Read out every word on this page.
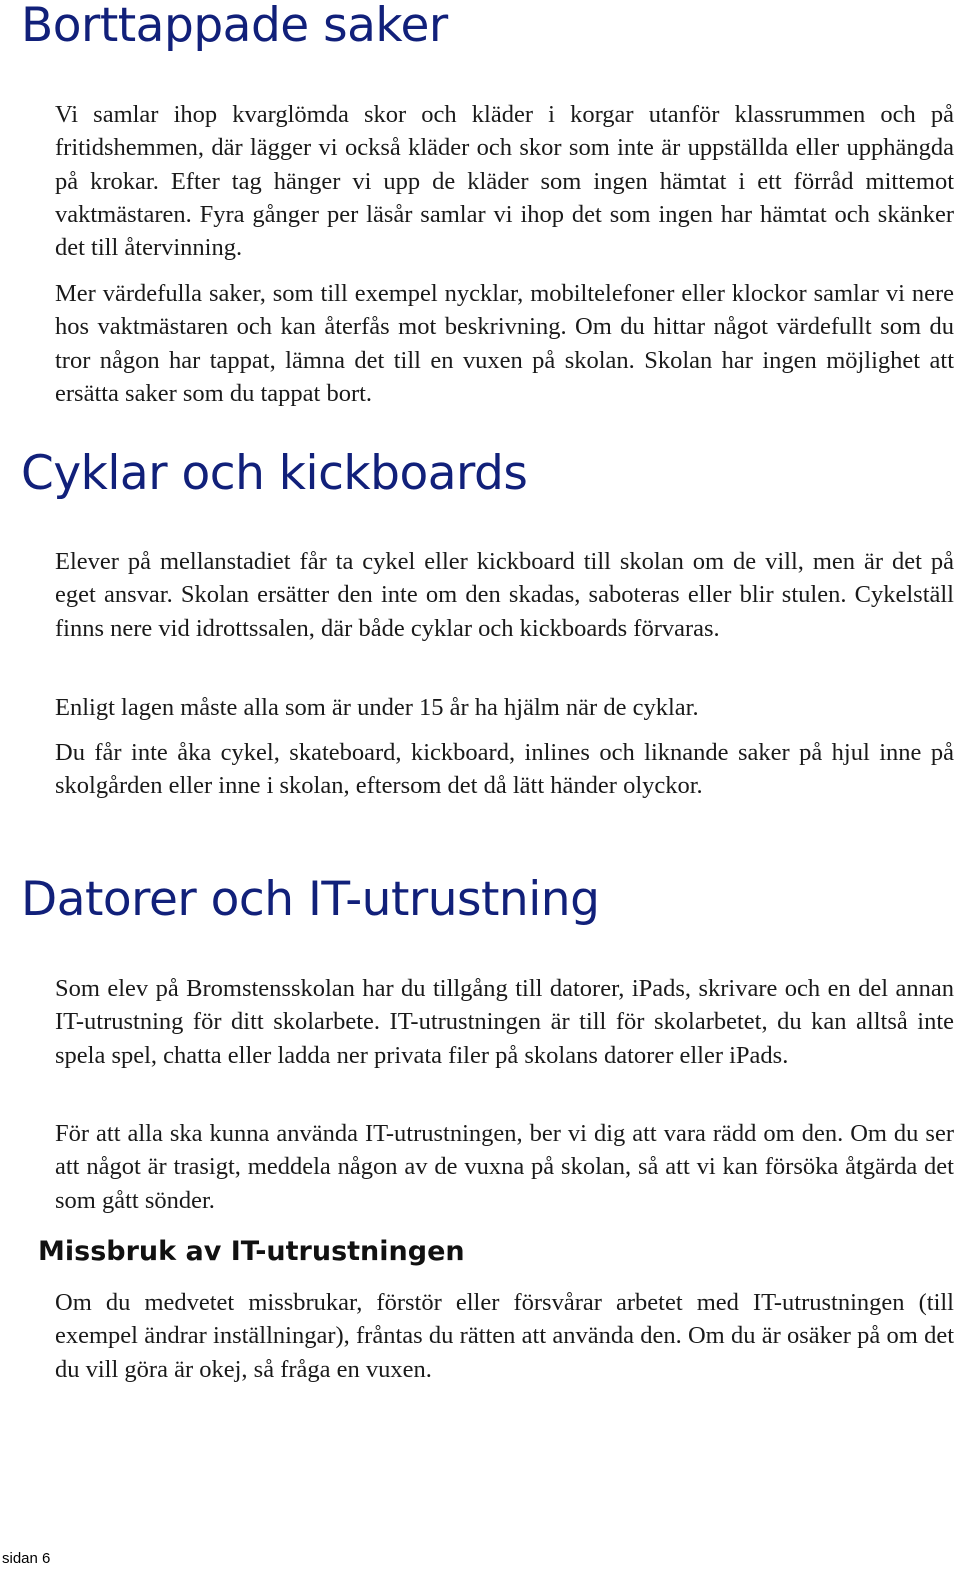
Borttappade saker

Vi samlar ihop kvarglömda skor och kläder i korgar utanför klassrummen och på fritidshemmen, där lägger vi också kläder och skor som inte är uppställda eller upphängda på krokar. Efter tag hänger vi upp de kläder som ingen hämtat i ett förråd mittemot vaktmästaren. Fyra gånger per läsår samlar vi ihop det som ingen har hämtat och skänker det till återvinning.

Mer värdefulla saker, som till exempel nycklar, mobiltelefoner eller klockor samlar vi nere hos vaktmästaren och kan återfås mot beskrivning. Om du hittar något värdefullt som du tror någon har tappat, lämna det till en vuxen på skolan. Skolan har ingen möjlighet att ersätta saker som du tappat bort.

Cyklar och kickboards

Elever på mellanstadiet får ta cykel eller kickboard till skolan om de vill, men är det på eget ansvar. Skolan ersätter den inte om den skadas, saboteras eller blir stulen. Cykelställ finns nere vid idrottssalen, där både cyklar och kickboards förvaras.

Enligt lagen måste alla som är under 15 år ha hjälm när de cyklar.

Du får inte åka cykel, skateboard, kickboard, inlines och liknande saker på hjul inne på skolgården eller inne i skolan, eftersom det då lätt händer olyckor.

Datorer och IT-utrustning

Som elev på Bromstensskolan har du tillgång till datorer, iPads, skrivare och en del annan IT-utrustning för ditt skolarbete. IT-utrustningen är till för skolarbetet, du kan alltså inte spela spel, chatta eller ladda ner privata filer på skolans datorer eller iPads.

För att alla ska kunna använda IT-utrustningen, ber vi dig att vara rädd om den. Om du ser att något är trasigt, meddela någon av de vuxna på skolan, så att vi kan försöka åtgärda det som gått sönder.

Missbruk av IT-utrustningen

Om du medvetet missbrukar, förstör eller försvårar arbetet med IT-utrustningen (till exempel ändrar inställningar), fråntas du rätten att använda den. Om du är osäker på om det du vill göra är okej, så fråga en vuxen.

sidan 6
